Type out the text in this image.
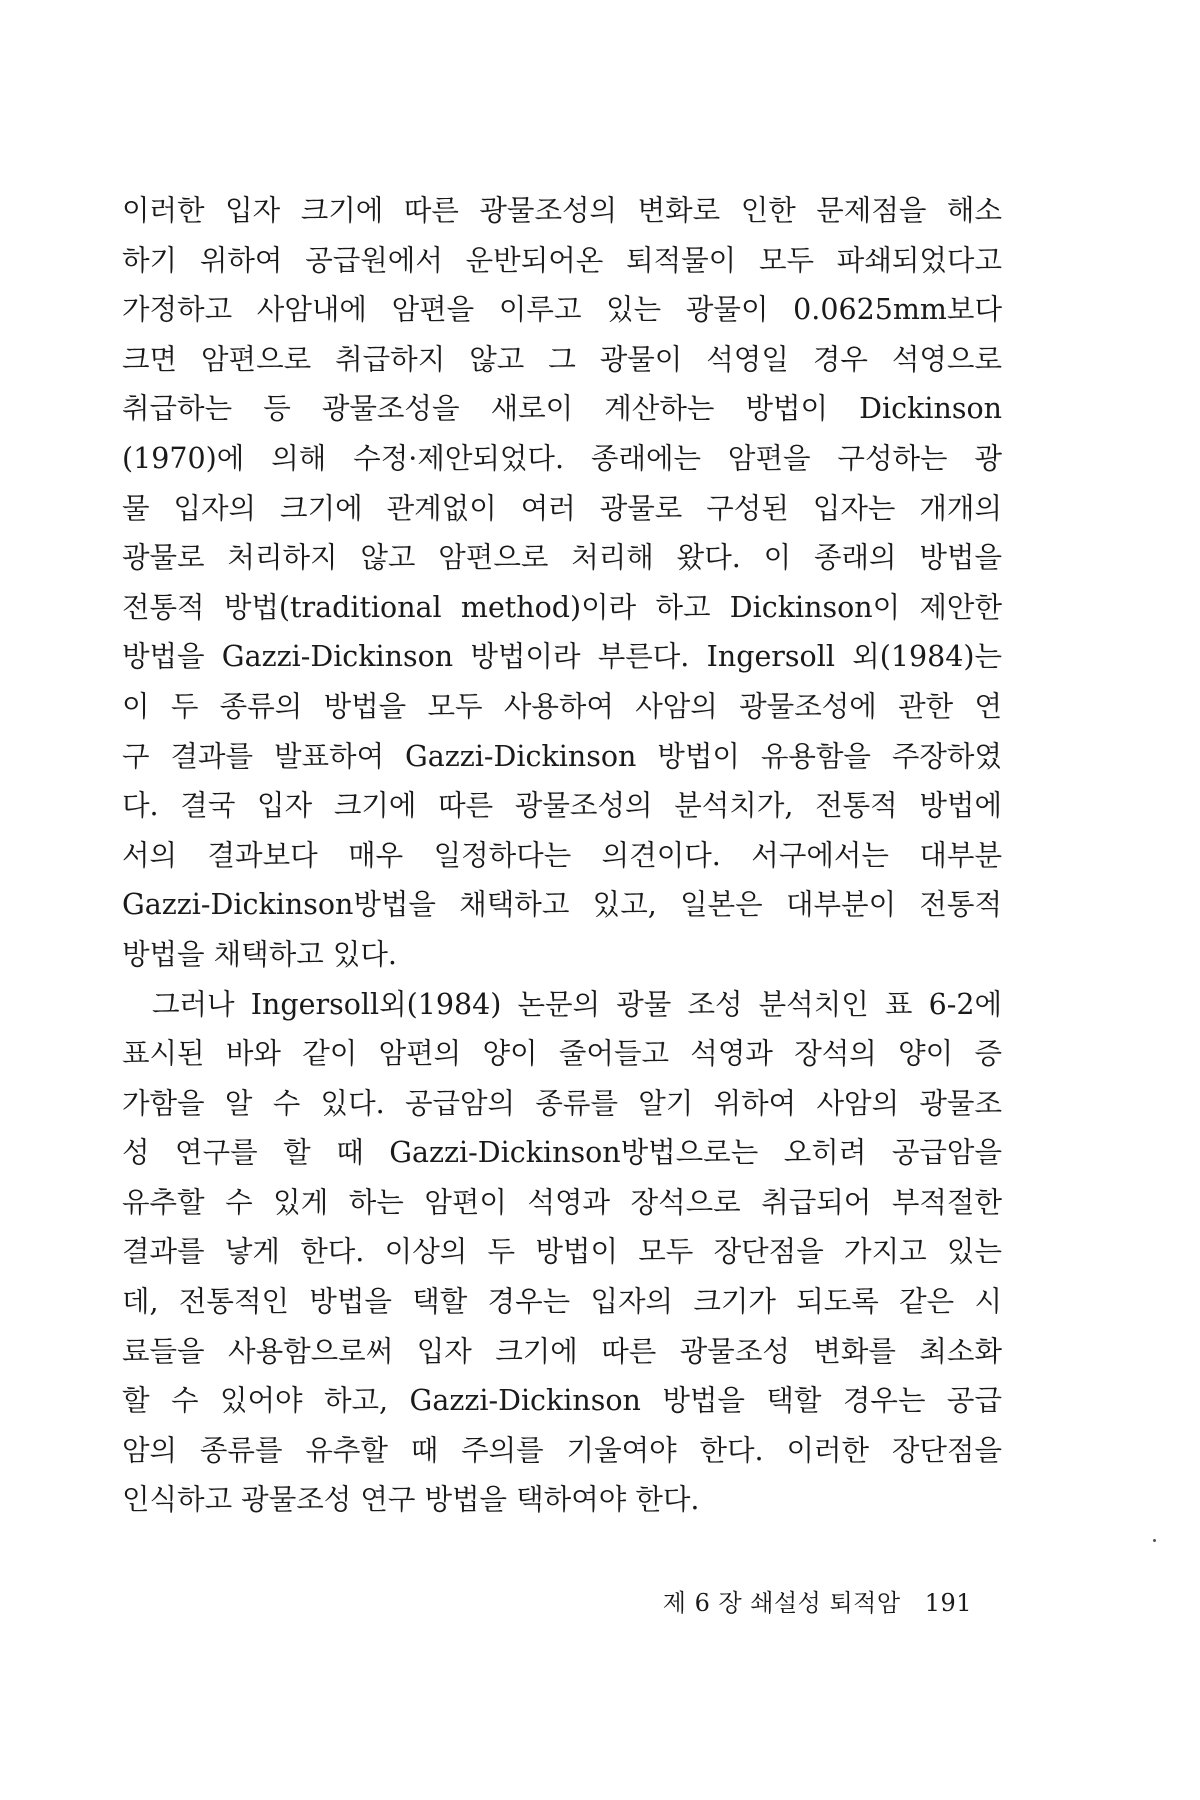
이러한 입자 크기에 따른 광물조성의 변화로 인한 문제점을 해소
하기 위하여 공급원에서 운반되어온 퇴적물이 모두 파쇄되었다고
가정하고 사암내에 암편을 이루고 있는 광물이 0.0625mm보다
크면 암편으로 취급하지 않고 그 광물이 석영일 경우 석영으로
취급하는 등 광물조성을 새로이 계산하는 방법이 Dickinson
(1970)에 의해 수정·제안되었다. 종래에는 암편을 구성하는 광
물 입자의 크기에 관계없이 여러 광물로 구성된 입자는 개개의
광물로 처리하지 않고 암편으로 처리해 왔다. 이 종래의 방법을
전통적 방법(traditional method)이라 하고 Dickinson이 제안한
방법을 Gazzi-Dickinson 방법이라 부른다. Ingersoll 외(1984)는
이 두 종류의 방법을 모두 사용하여 사암의 광물조성에 관한 연
구 결과를 발표하여 Gazzi-Dickinson 방법이 유용함을 주장하였
다. 결국 입자 크기에 따른 광물조성의 분석치가, 전통적 방법에
서의 결과보다 매우 일정하다는 의견이다. 서구에서는 대부분
Gazzi-Dickinson방법을 채택하고 있고, 일본은 대부분이 전통적
방법을 채택하고 있다.
그러나 Ingersoll외(1984) 논문의 광물 조성 분석치인 표 6-2에
표시된 바와 같이 암편의 양이 줄어들고 석영과 장석의 양이 증
가함을 알 수 있다. 공급암의 종류를 알기 위하여 사암의 광물조
성 연구를 할 때 Gazzi-Dickinson방법으로는 오히려 공급암을
유추할 수 있게 하는 암편이 석영과 장석으로 취급되어 부적절한
결과를 낳게 한다. 이상의 두 방법이 모두 장단점을 가지고 있는
데, 전통적인 방법을 택할 경우는 입자의 크기가 되도록 같은 시
료들을 사용함으로써 입자 크기에 따른 광물조성 변화를 최소화
할 수 있어야 하고, Gazzi-Dickinson 방법을 택할 경우는 공급
암의 종류를 유추할 때 주의를 기울여야 한다. 이러한 장단점을
인식하고 광물조성 연구 방법을 택하여야 한다.
제 6 장 쇄설성 퇴적암 191
